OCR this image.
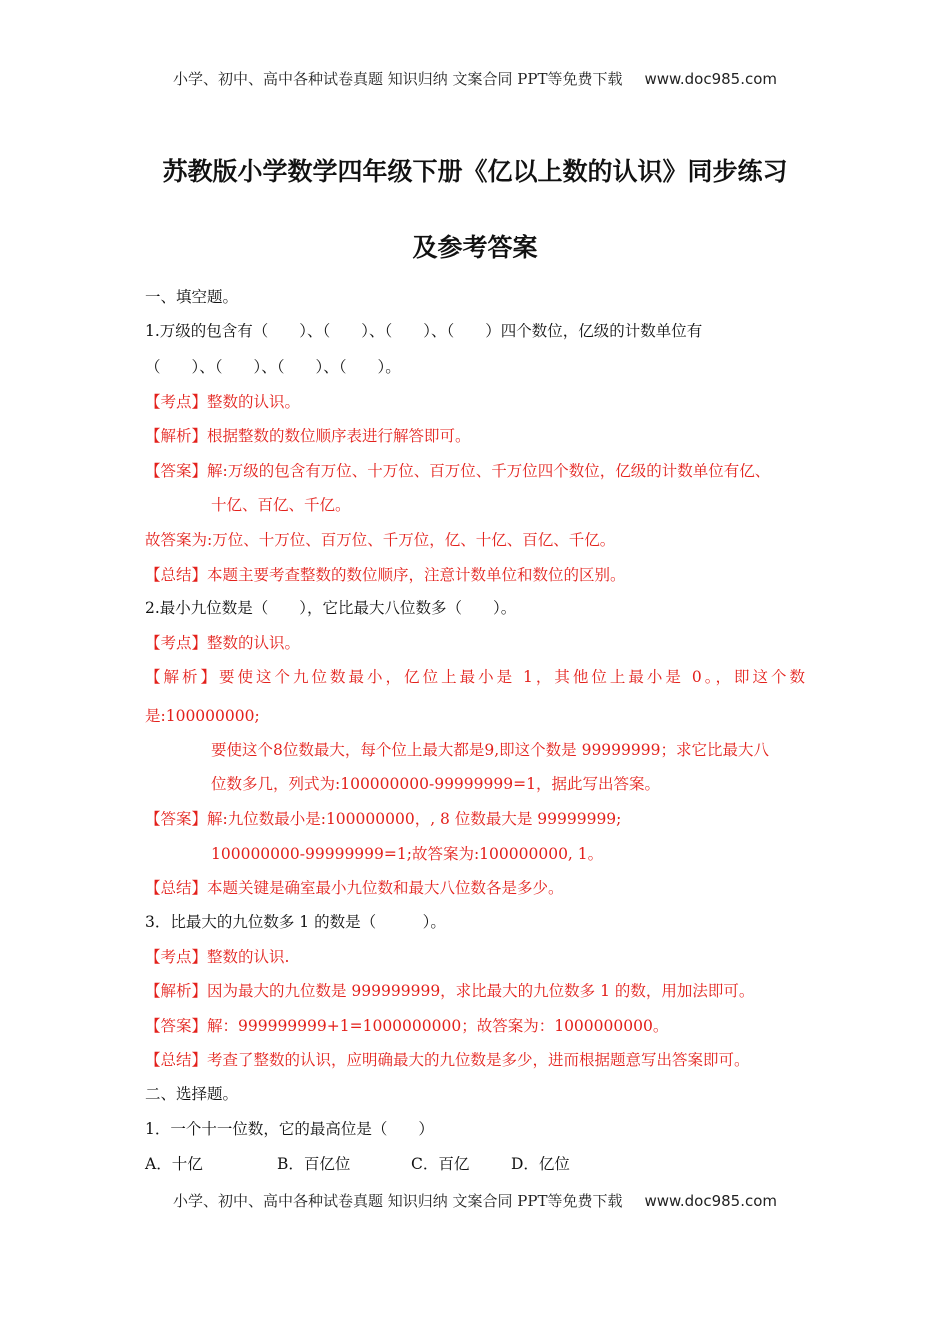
小学、初中、高中各种试卷真题 知识归纳 文案合同 PPT等免费下载 www.doc985.com
苏教版小学数学四年级下册《亿以上数的认识》同步练习
及参考答案
一、填空题。
1.万级的包含有（　　）、（　　）、（　　）、（　　）四个数位，亿级的计数单位有
（　　）、（　　）、（　　）、（　　）。
【考点】整数的认识。
【解析】根据整数的数位顺序表进行解答即可。
【答案】解:万级的包含有万位、十万位、百万位、千万位四个数位，亿级的计数单位有亿、
十亿、百亿、千亿。
故答案为:万位、十万位、百万位、千万位，亿、十亿、百亿、千亿。
【总结】本题主要考查整数的数位顺序，注意计数单位和数位的区别。
2.最小九位数是（　　），它比最大八位数多（　　）。
【考点】整数的认识。
【解析】要使这个九位数最小，亿位上最小是 1，其他位上最小是 0。，即这个数
是:100000000;
要使这个8位数最大，每个位上最大都是9,即这个数是 99999999；求它比最大八
位数多几，列式为:100000000-99999999=1，据此写出答案。
【答案】解:九位数最小是:100000000，, 8 位数最大是 99999999;
100000000-99999999=1;故答案为:100000000, 1。
【总结】本题关键是确室最小九位数和最大八位数各是多少。
3．比最大的九位数多 1 的数是（　　　）。
【考点】整数的认识.
【解析】因为最大的九位数是 999999999，求比最大的九位数多 1 的数，用加法即可。
【答案】解：999999999+1=1000000000；故答案为：1000000000。
【总结】考查了整数的认识，应明确最大的九位数是多少，进而根据题意写出答案即可。
二、选择题。
1．一个十一位数，它的最高位是（　　）
A．十亿	B．百亿位	C．百亿	D．亿位
小学、初中、高中各种试卷真题 知识归纳 文案合同 PPT等免费下载 www.doc985.com
